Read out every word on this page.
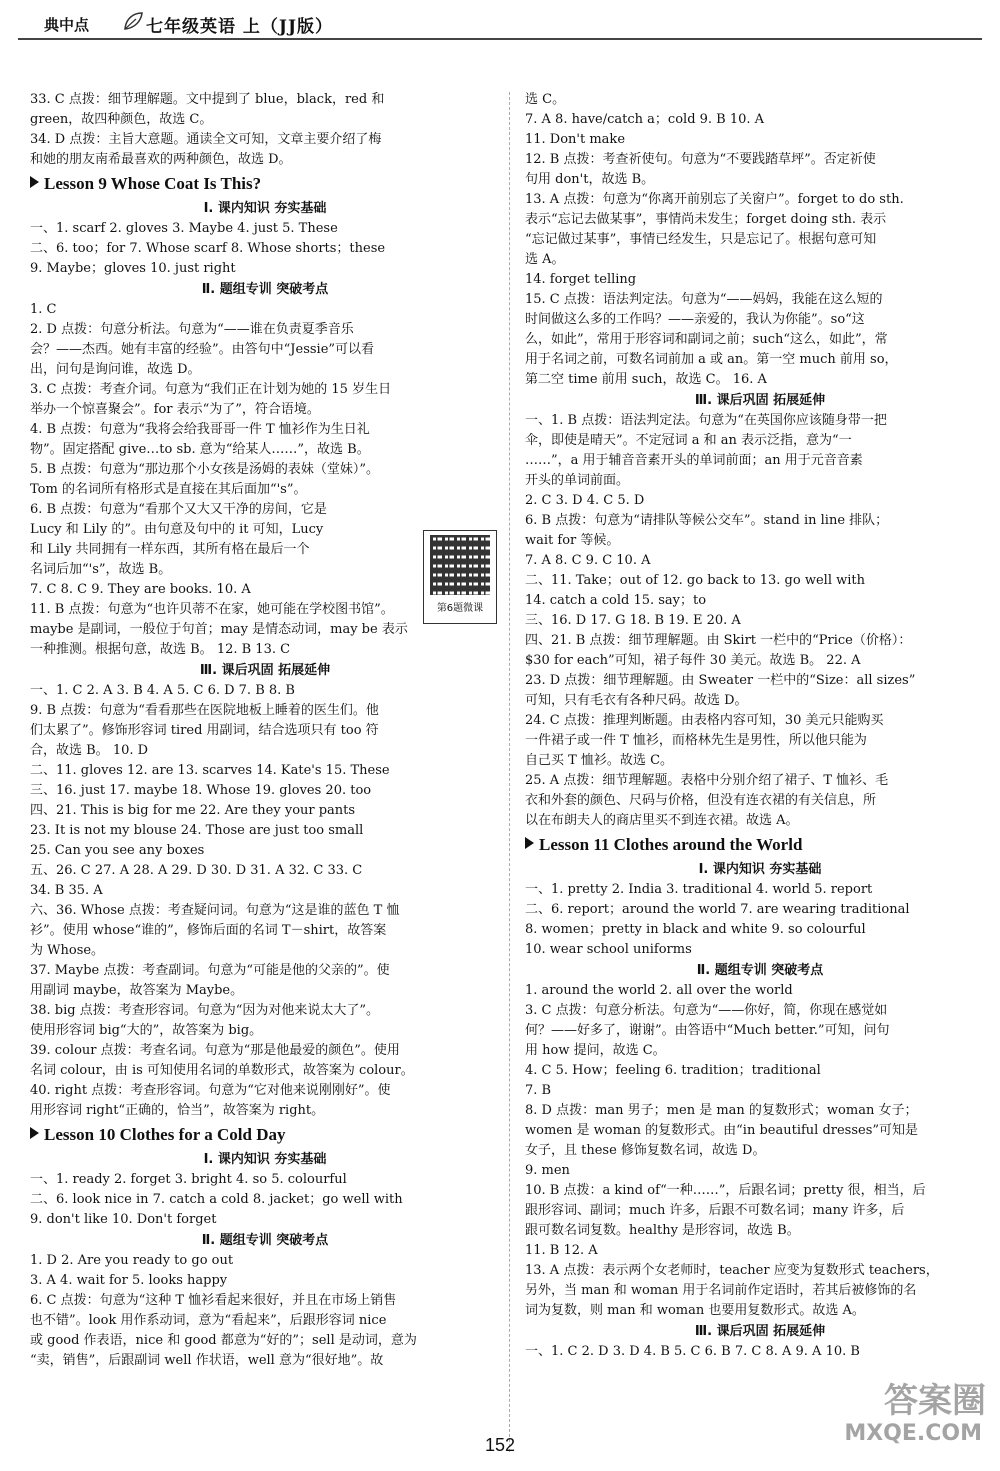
典中点	七年级英语 上（JJ版）
33. C 点拨：细节理解题。文中提到了 blue，black，red 和
green，故四种颜色，故选 C。
34. D 点拨：主旨大意题。通读全文可知，文章主要介绍了梅
和她的朋友南希最喜欢的两种颜色，故选 D。
Lesson 9 Whose Coat Is This?
Ⅰ. 课内知识 夯实基础
一、1. scarf 2. gloves 3. Maybe 4. just 5. These
二、6. too；for 7. Whose scarf 8. Whose shorts；these
9. Maybe；gloves 10. just right
Ⅱ. 题组专训 突破考点
1. C
2. D 点拨：句意分析法。句意为“——谁在负责夏季音乐
会？——杰西。她有丰富的经验”。由答句中“Jessie”可以看
出，问句是询问谁，故选 D。
3. C 点拨：考查介词。句意为“我们正在计划为她的 15 岁生日
举办一个惊喜聚会”。for 表示“为了”，符合语境。
4. B 点拨：句意为“我将会给我哥哥一件 T 恤衫作为生日礼
物”。固定搭配 give…to sb. 意为“给某人……”，故选 B。
5. B 点拨：句意为“那边那个小女孩是汤姆的表妹（堂妹）”。
Tom 的名词所有格形式是直接在其后面加“'s”。
6. B 点拨：句意为“看那个又大又干净的房间，它是
Lucy 和 Lily 的”。由句意及句中的 it 可知，Lucy
和 Lily 共同拥有一样东西，其所有格在最后一个
名词后加“'s”，故选 B。
7. C 8. C 9. They are books. 10. A
11. B 点拨：句意为“也许贝蒂不在家，她可能在学校图书馆”。
maybe 是副词，一般位于句首；may 是情态动词，may be 表示
一种推测。根据句意，故选 B。 12. B 13. C
Ⅲ. 课后巩固 拓展延伸
一、1. C 2. A 3. B 4. A 5. C 6. D 7. B 8. B
9. B 点拨：句意为“看看那些在医院地板上睡着的医生们。他
们太累了”。修饰形容词 tired 用副词，结合选项只有 too 符
合，故选 B。 10. D
二、11. gloves 12. are 13. scarves 14. Kate's 15. These
三、16. just 17. maybe 18. Whose 19. gloves 20. too
四、21. This is big for me 22. Are they your pants
23. It is not my blouse 24. Those are just too small
25. Can you see any boxes
五、26. C 27. A 28. A 29. D 30. D 31. A 32. C 33. C
34. B 35. A
六、36. Whose 点拨：考查疑问词。句意为“这是谁的蓝色 T 恤
衫”。使用 whose“谁的”，修饰后面的名词 T－shirt，故答案
为 Whose。
37. Maybe 点拨：考查副词。句意为“可能是他的父亲的”。使
用副词 maybe，故答案为 Maybe。
38. big 点拨：考查形容词。句意为“因为对他来说太大了”。
使用形容词 big“大的”，故答案为 big。
39. colour 点拨：考查名词。句意为“那是他最爱的颜色”。使用
名词 colour，由 is 可知使用名词的单数形式，故答案为 colour。
40. right 点拨：考查形容词。句意为“它对他来说刚刚好”。使
用形容词 right“正确的，恰当”，故答案为 right。
Lesson 10 Clothes for a Cold Day
Ⅰ. 课内知识 夯实基础
一、1. ready 2. forget 3. bright 4. so 5. colourful
二、6. look nice in 7. catch a cold 8. jacket；go well with
9. don't like 10. Don't forget
Ⅱ. 题组专训 突破考点
1. D 2. Are you ready to go out
3. A 4. wait for 5. looks happy
6. C 点拨：句意为“这种 T 恤衫看起来很好，并且在市场上销售
也不错”。look 用作系动词，意为“看起来”，后跟形容词 nice
或 good 作表语，nice 和 good 都意为“好的”；sell 是动词，意为
“卖，销售”，后跟副词 well 作状语，well 意为“很好地”。故
选 C。
7. A 8. have/catch a；cold 9. B 10. A
11. Don't make
12. B 点拨：考查祈使句。句意为“不要践踏草坪”。否定祈使
句用 don't，故选 B。
13. A 点拨：句意为“你离开前别忘了关窗户”。forget to do sth.
表示“忘记去做某事”，事情尚未发生；forget doing sth. 表示
“忘记做过某事”，事情已经发生，只是忘记了。根据句意可知
选 A。
14. forget telling
15. C 点拨：语法判定法。句意为“——妈妈，我能在这么短的
时间做这么多的工作吗？——亲爱的，我认为你能”。so“这
么，如此”，常用于形容词和副词之前；such“这么，如此”，常
用于名词之前，可数名词前加 a 或 an。第一空 much 前用 so，
第二空 time 前用 such，故选 C。 16. A
Ⅲ. 课后巩固 拓展延伸
一、1. B 点拨：语法判定法。句意为“在英国你应该随身带一把
伞，即使是晴天”。不定冠词 a 和 an 表示泛指，意为“一
……”，a 用于辅音音素开头的单词前面；an 用于元音音素
开头的单词前面。
2. C 3. D 4. C 5. D
6. B 点拨：句意为“请排队等候公交车”。stand in line 排队；
wait for 等候。
7. A 8. C 9. C 10. A
二、11. Take；out of 12. go back to 13. go well with
14. catch a cold 15. say；to
三、16. D 17. G 18. B 19. E 20. A
四、21. B 点拨：细节理解题。由 Skirt 一栏中的“Price（价格）：
$30 for each”可知，裙子每件 30 美元。故选 B。 22. A
23. D 点拨：细节理解题。由 Sweater 一栏中的“Size：all sizes”
可知，只有毛衣有各种尺码。故选 D。
24. C 点拨：推理判断题。由表格内容可知，30 美元只能购买
一件裙子或一件 T 恤衫，而格林先生是男性，所以他只能为
自己买 T 恤衫。故选 C。
25. A 点拨：细节理解题。表格中分别介绍了裙子、T 恤衫、毛
衣和外套的颜色、尺码与价格，但没有连衣裙的有关信息，所
以在布朗夫人的商店里买不到连衣裙。故选 A。
Lesson 11 Clothes around the World
Ⅰ. 课内知识 夯实基础
一、1. pretty 2. India 3. traditional 4. world 5. report
二、6. report；around the world 7. are wearing traditional
8. women；pretty in black and white 9. so colourful
10. wear school uniforms
Ⅱ. 题组专训 突破考点
1. around the world 2. all over the world
3. C 点拨：句意分析法。句意为“——你好，简，你现在感觉如
何？——好多了，谢谢”。由答语中“Much better.”可知，问句
用 how 提问，故选 C。
4. C 5. How；feeling 6. tradition；traditional
7. B
8. D 点拨：man 男子；men 是 man 的复数形式；woman 女子；
women 是 woman 的复数形式。由“in beautiful dresses”可知是
女子，且 these 修饰复数名词，故选 D。
9. men
10. B 点拨：a kind of“一种……”，后跟名词；pretty 很，相当，后
跟形容词、副词；much 许多，后跟不可数名词；many 许多，后
跟可数名词复数。healthy 是形容词，故选 B。
11. B 12. A
13. A 点拨：表示两个女老师时，teacher 应变为复数形式 teachers，
另外，当 man 和 woman 用于名词前作定语时，若其后被修饰的名
词为复数，则 man 和 woman 也要用复数形式。故选 A。
Ⅲ. 课后巩固 拓展延伸
一、1. C 2. D 3. D 4. B 5. C 6. B 7. C 8. A 9. A 10. B
第6题微课
152
答案圈
MXQE.COM
